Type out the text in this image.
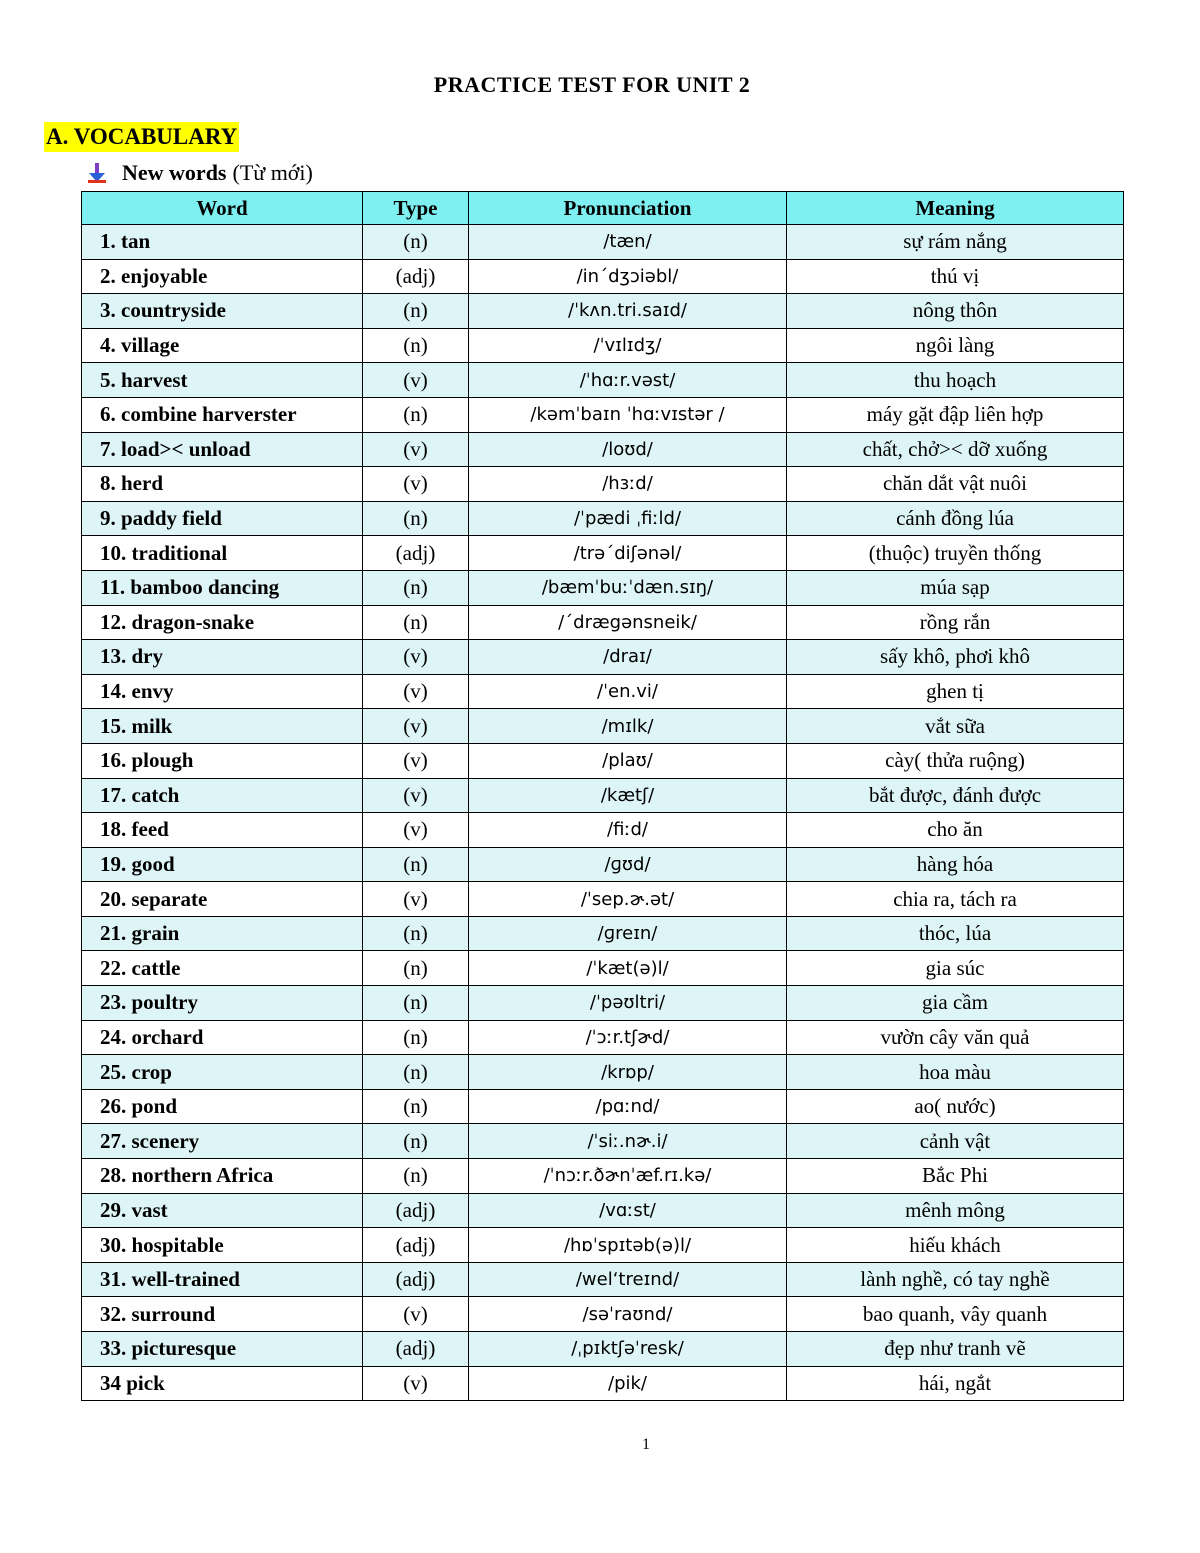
PRACTICE TEST FOR UNIT 2
A. VOCABULARY
New words (Từ mới)
Word	Type	Pronunciation	Meaning
1. tan	(n)	/tæn/	sự rám nắng
2. enjoyable	(adj)	/in´dʒɔiəbl/	thú vị
3. countryside	(n)	/ˈkʌn.tri.saɪd/	nông thôn
4. village	(n)	/ˈvɪlɪdʒ/	ngôi làng
5. harvest	(v)	/ˈhɑːr.vəst/	thu hoạch
6. combine harverster	(n)	/kəmˈbaɪn ˈhɑːvɪstər /	máy gặt đập liên hợp
7. load>< unload	(v)	/loʊd/	chất, chở>< dỡ xuống
8. herd	(v)	/hɜːd/	chăn dắt vật nuôi
9. paddy field	(n)	/ˈpædi ˌfiːld/	cánh đồng lúa
10. traditional	(adj)	/trə´diʃənəl/	(thuộc) truyền thống
11. bamboo dancing	(n)	/bæmˈbuːˈdæn.sɪŋ/	múa sạp
12. dragon-snake	(n)	/´drægənsneik/	rồng rắn
13. dry	(v)	/draɪ/	sấy khô, phơi khô
14. envy	(v)	/ˈen.vi/	ghen tị
15. milk	(v)	/mɪlk/	vắt sữa
16. plough	(v)	/plaʊ/	cày( thửa ruộng)
17. catch	(v)	/kætʃ/	bắt được, đánh được
18. feed	(v)	/fiːd/	cho ăn
19. good	(n)	/ɡʊd/	hàng hóa
20. separate	(v)	/ˈsep.ɚ.ət/	chia ra, tách ra
21. grain	(n)	/ɡreɪn/	thóc, lúa
22. cattle	(n)	/ˈkæt(ə)l/	gia súc
23. poultry	(n)	/ˈpəʊltri/	gia cầm
24. orchard	(n)	/ˈɔːr.tʃɚd/	vườn cây văn quả
25. crop	(n)	/krɒp/	hoa màu
26. pond	(n)	/pɑːnd/	ao( nước)
27. scenery	(n)	/ˈsiː.nɚ.i/	cảnh vật
28. northern Africa	(n)	/ˈnɔːr.ðɚnˈæf.rɪ.kə/	Bắc Phi
29. vast	(adj)	/vɑːst/	mênh mông
30. hospitable	(adj)	/hɒˈspɪtəb(ə)l/	hiếu khách
31. well-trained	(adj)	/wel‘treɪnd/	lành nghề, có tay nghề
32. surround	(v)	/səˈraʊnd/	bao quanh, vây quanh
33. picturesque	(adj)	/ˌpɪktʃəˈresk/	đẹp như tranh vẽ
34 pick	(v)	/pik/	hái, ngắt
1
